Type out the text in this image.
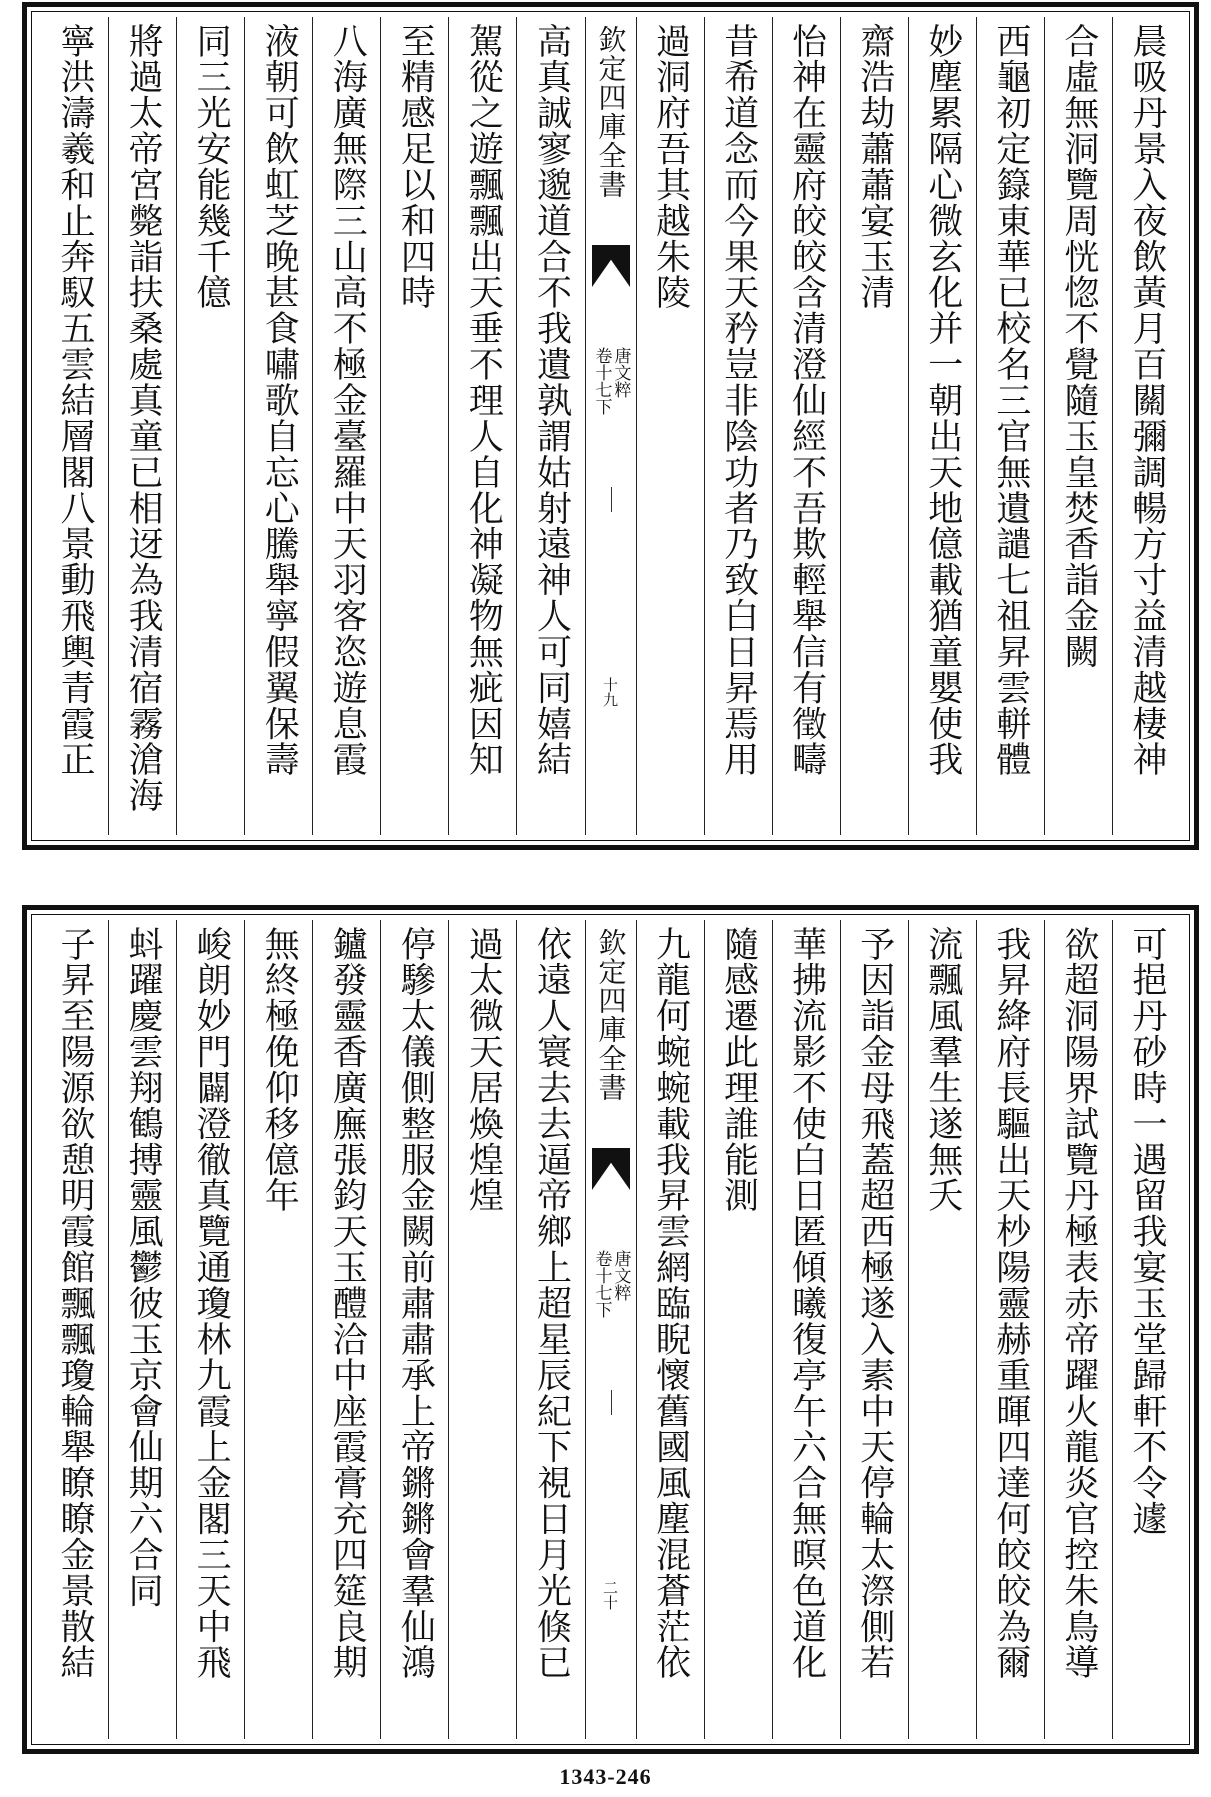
晨吸丹景入夜飲黃月百關彌調暢方寸益清越棲神
合虛無洞覽周恍惚不覺隨玉皇焚香詣金闕
西龜初定籙東華已校名三官無遺譴七祖昇雲軿體
妙塵累隔心微玄化并一朝出天地億載猶童嬰使我
齋浩劫蕭蕭宴玉清
怡神在靈府皎皎含清澄仙經不吾欺輕舉信有徵疇
昔希道念而今果天矜豈非陰功者乃致白日昇焉用
過洞府吾其越朱陵
欽定四庫全書
唐文粹
卷十七下
十九
高真誠寥邈道合不我遺孰謂姑射遠神人可同嬉結
駕從之遊飄飄出天垂不理人自化神凝物無疵因知
至精感足以和四時
八海廣無際三山高不極金臺羅中天羽客恣遊息霞
液朝可飲虹芝晚甚食嘯歌自忘心騰舉寧假翼保壽
同三光安能幾千億
將過太帝宮斃詣扶桑處真童已相迓為我清宿霧滄海
寧洪濤羲和止奔馭五雲結層閣八景動飛輿青霞正
可挹丹砂時一遇留我宴玉堂歸軒不令遽
欲超洞陽界試覽丹極表赤帝躍火龍炎官控朱鳥導
我昇絳府長驅出天杪陽靈赫重暉四達何皎皎為爾
流飄風羣生遂無夭
予因詣金母飛蓋超西極遂入素中天停輪太漈側若
華拂流影不使白日匿傾曦復亭午六合無暝色道化
隨感遷此理誰能測
九龍何蜿蜿載我昇雲網臨睨懷舊國風塵混蒼茫依
欽定四庫全書
唐文粹
卷十七下
二十
依遠人寰去去逼帝鄉上超星辰紀下視日月光倏已
過太微天居煥煌煌
停驂太儀側整服金闕前肅肅承上帝鏘鏘會羣仙鴻
鑪發靈香廣廡張鈞天玉醴洽中座霞膏充四筵良期
無終極俛仰移億年
峻朗妙門闢澄徹真覽通瓊林九霞上金閣三天中飛
蚪躍慶雲翔鶴搏靈風鬱彼玉京會仙期六合同
子昇至陽源欲憩明霞館飄飄瓊輪舉瞭瞭金景散結
1343-246
